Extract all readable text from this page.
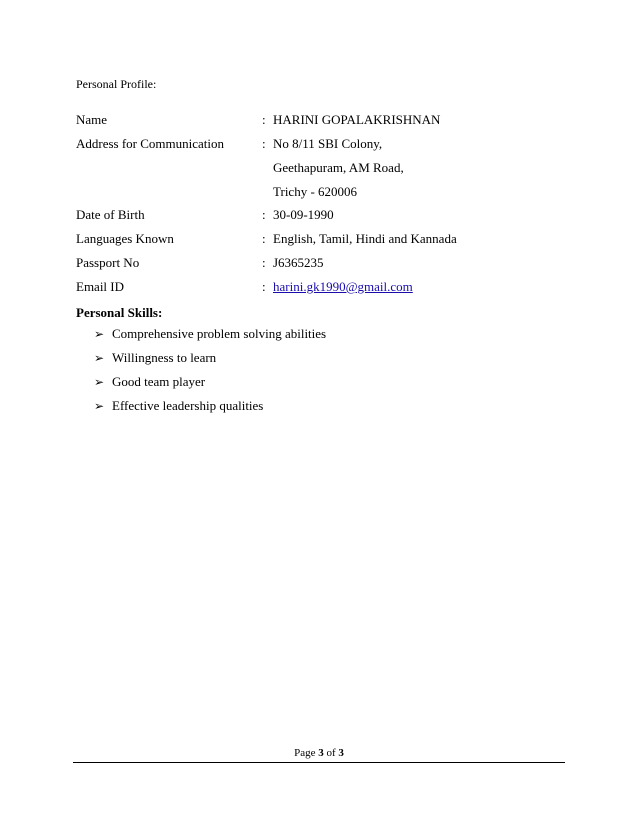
Personal Profile:
Name	: HARINI GOPALAKRISHNAN
Address for Communication	: No 8/11 SBI Colony,
Geethapuram, AM Road,
Trichy - 620006
Date of Birth	: 30-09-1990
Languages Known	: English, Tamil, Hindi and Kannada
Passport No	: J6365235
Email ID	: harini.gk1990@gmail.com
Personal Skills:
➢ Comprehensive problem solving abilities
➢ Willingness to learn
➢ Good team player
➢ Effective leadership qualities
Page 3 of 3
